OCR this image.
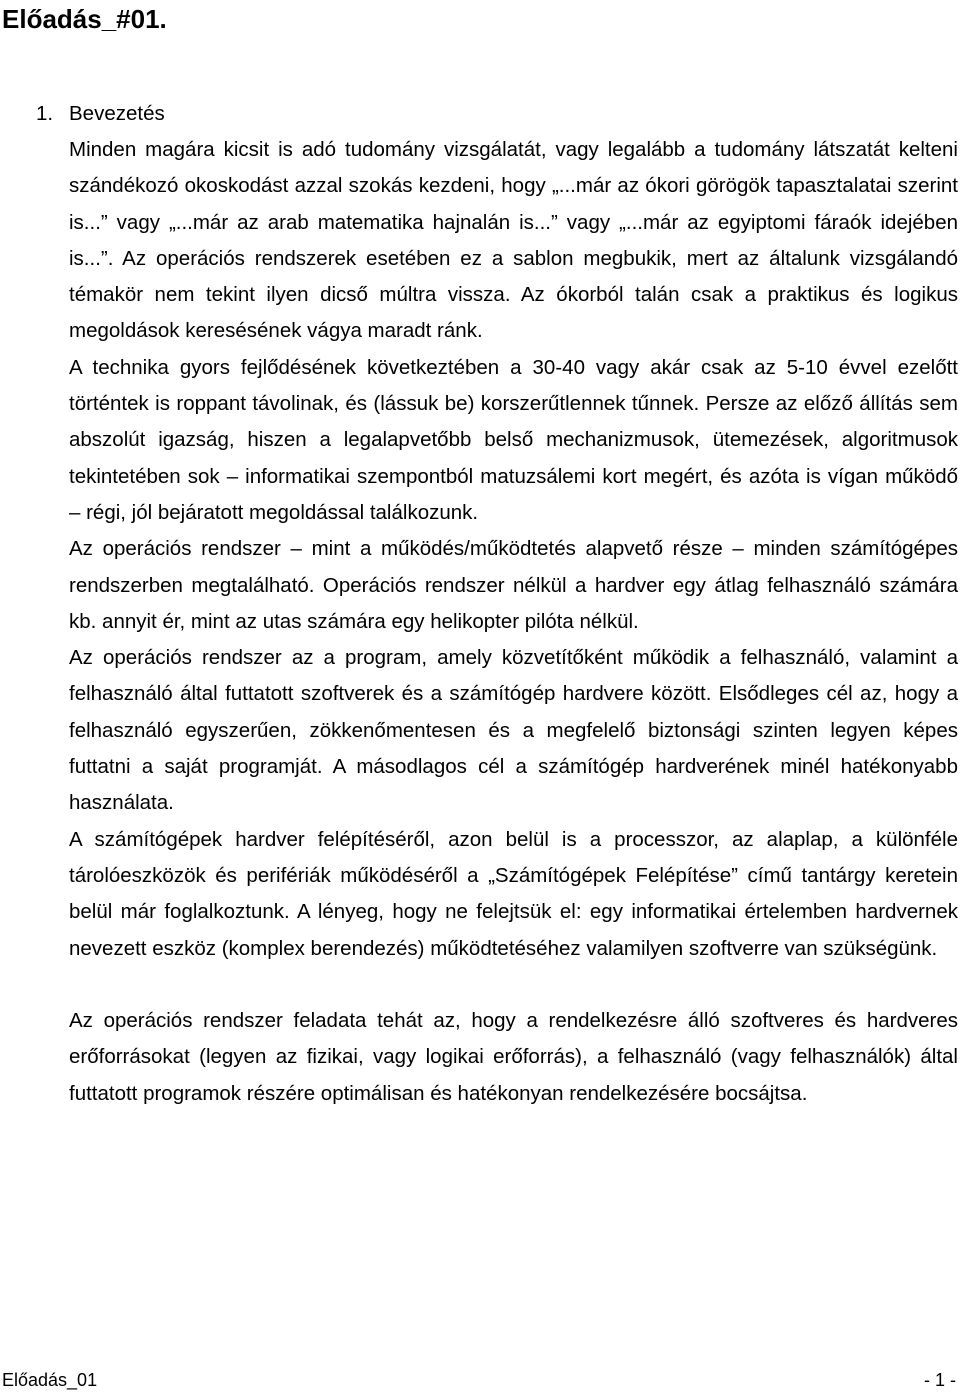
Előadás_#01.
1. Bevezetés

Minden magára kicsit is adó tudomány vizsgálatát, vagy legalább a tudomány látszatát kelteni szándékozó okoskodást azzal szokás kezdeni, hogy „...már az ókori görögök tapasztalatai szerint is...” vagy „...már az arab matematika hajnalán is...” vagy „...már az egyiptomi fáraók idejében is...”. Az operációs rendszerek esetében ez a sablon megbukik, mert az általunk vizsgálandó témakör nem tekint ilyen dicső múltra vissza. Az ókorból talán csak a praktikus és logikus megoldások keresésének vágya maradt ránk.

A technika gyors fejlődésének következtében a 30-40 vagy akár csak az 5-10 évvel ezelőtt történtek is roppant távolinak, és (lássuk be) korszerűtlennek tűnnek. Persze az előző állítás sem abszolút igazság, hiszen a legalapvetőbb belső mechanizmusok, ütemezések, algoritmusok tekintetében sok – informatikai szempontból matuzsálemi kort megért, és azóta is vígan működő – régi, jól bejáratott megoldással találkozunk.

Az operációs rendszer – mint a működés/működtetés alapvető része – minden számítógépes rendszerben megtalálható. Operációs rendszer nélkül a hardver egy átlag felhasználó számára kb. annyit ér, mint az utas számára egy helikopter pilóta nélkül.

Az operációs rendszer az a program, amely közvetítőként működik a felhasználó, valamint a felhasználó által futtatott szoftverek és a számítógép hardvere között. Elsődleges cél az, hogy a felhasználó egyszerűen, zökkenőmentesen és a megfelelő biztonsági szinten legyen képes futtatni a saját programját. A másodlagos cél a számítógép hardverének minél hatékonyabb használata.

A számítógépek hardver felépítéséről, azon belül is a processzor, az alaplap, a különféle tárolóeszközök és perifériák működéséről a „Számítógépek Felépítése” című tantárgy keretein belül már foglalkoztunk. A lényeg, hogy ne felejtsük el: egy informatikai értelemben hardvernek nevezett eszköz (komplex berendezés) működtetéséhez valamilyen szoftverre van szükségünk.

Az operációs rendszer feladata tehát az, hogy a rendelkezésre álló szoftveres és hardveres erőforrásokat (legyen az fizikai, vagy logikai erőforrás), a felhasználó (vagy felhasználók) által futtatott programok részére optimálisan és hatékonyan rendelkezésére bocsájtsa.

Előadás_01	- 1 -
